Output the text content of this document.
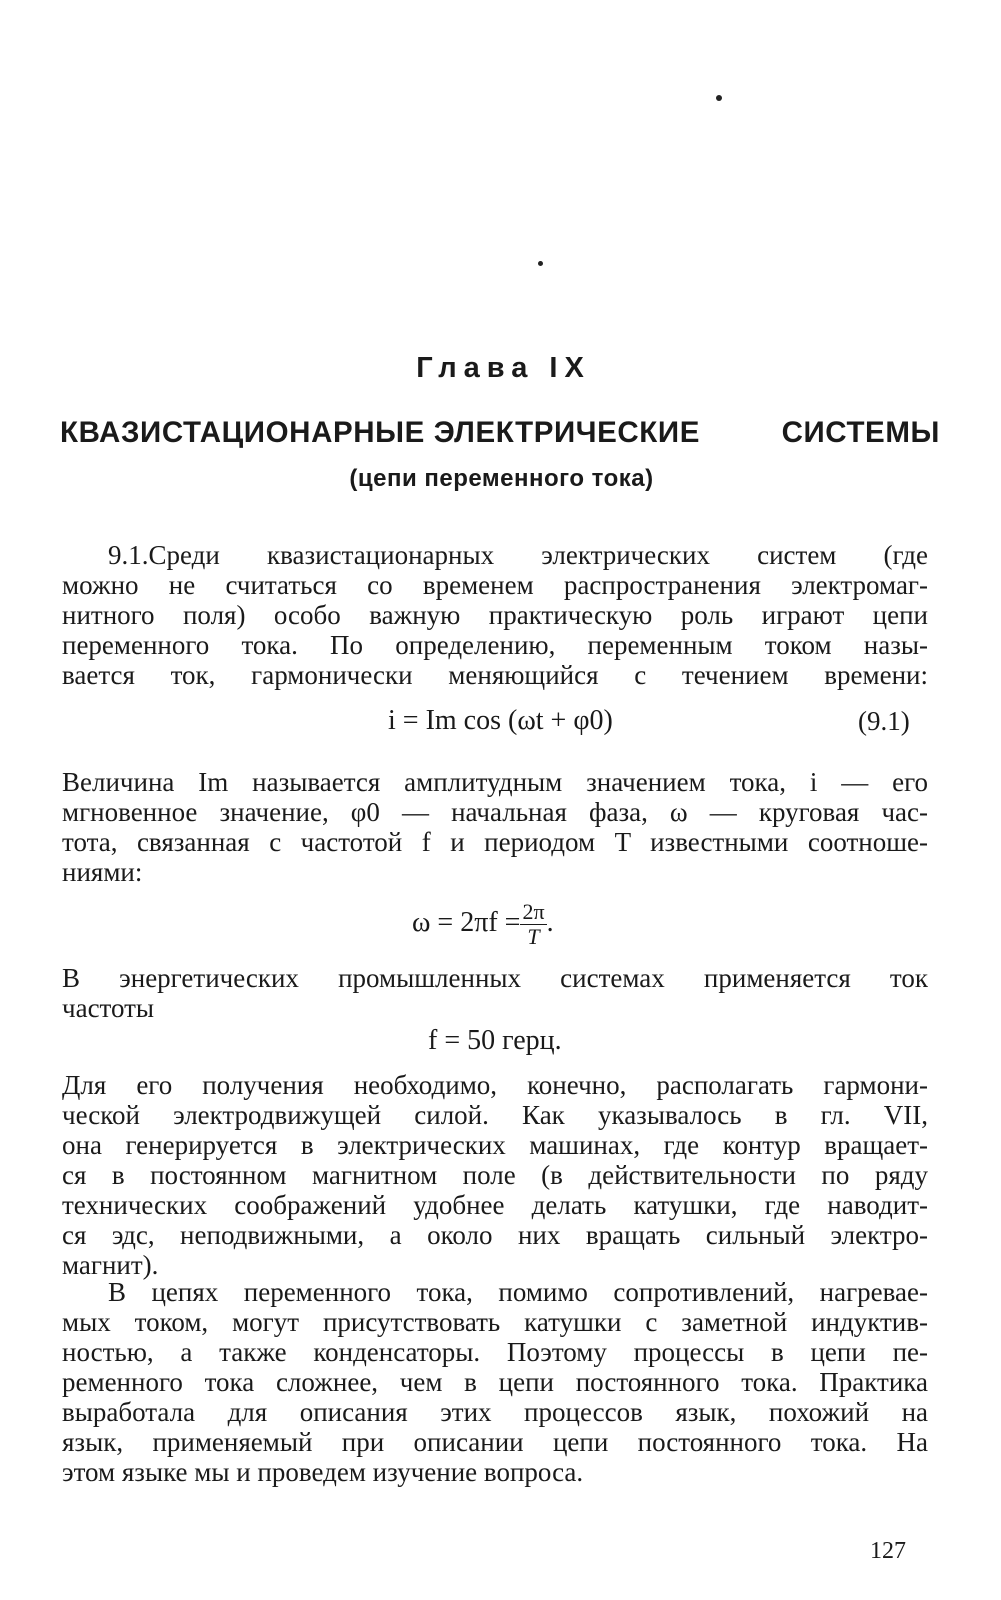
Глава IX
КВАЗИСТАЦИОНАРНЫЕ ЭЛЕКТРИЧЕСКИЕ	СИСТЕМЫ
(цепи переменного тока)
9.1.Среди квазистационарных электрических систем (где
можно не считаться со временем распространения электромаг-
нитного поля) особо важную практическую роль играют цепи
переменного тока. По определению, переменным током назы-
вается ток, гармонически меняющийся с течением времени:
i = Im cos (ωt + φ0)	(9.1)
Величина Im называется амплитудным значением тока, i — его
мгновенное значение, φ0 — начальная фаза, ω — круговая час-
тота, связанная с частотой f и периодом T известными соотноше-
ниями:
$\omega = 2\pi f = \frac{2\pi}{T}$ .
В энергетических промышленных системах применяется ток
частоты
f = 50 герц.
Для его получения необходимо, конечно, располагать гармони-
ческой электродвижущей силой. Как указывалось в гл. VII,
она генерируется в электрических машинах, где контур вращает-
ся в постоянном магнитном поле (в действительности по ряду
технических соображений удобнее делать катушки, где наводит-
ся эдс, неподвижными, а около них вращать сильный электро-
магнит).
В цепях переменного тока, помимо сопротивлений, нагревае-
мых током, могут присутствовать катушки с заметной индуктив-
ностью, а также конденсаторы. Поэтому процессы в цепи пе-
ременного тока сложнее, чем в цепи постоянного тока. Практика
выработала для описания этих процессов язык, похожий на
язык, применяемый при описании цепи постоянного тока. На
этом языке мы и проведем изучение вопроса.
127
